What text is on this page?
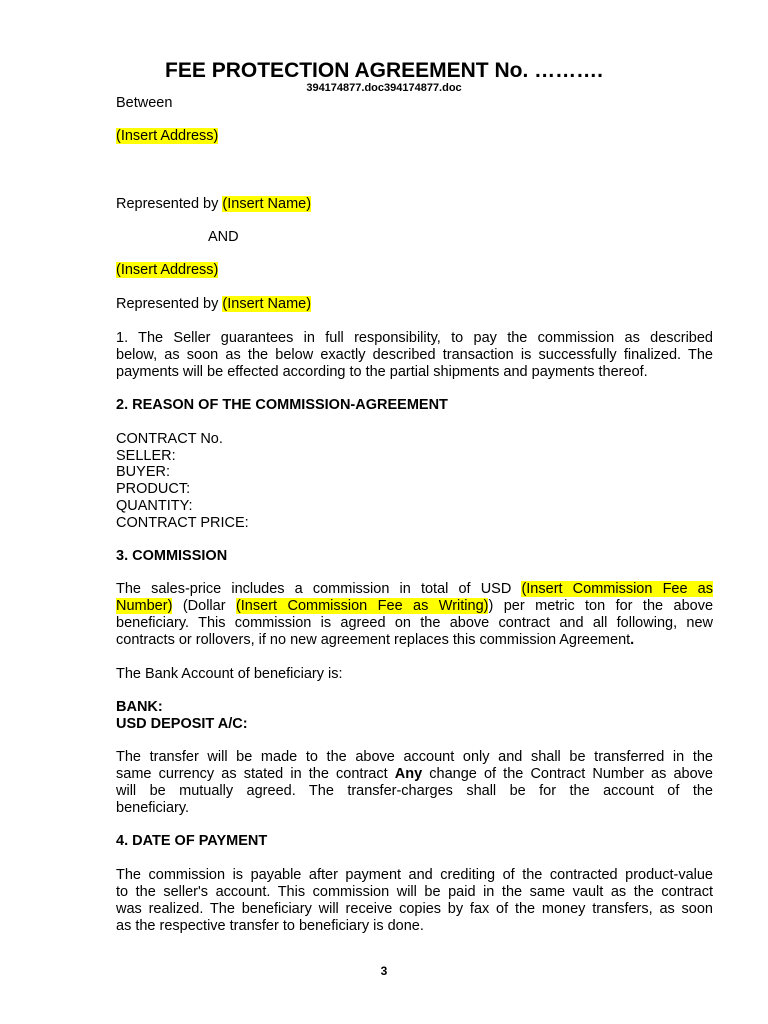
FEE PROTECTION AGREEMENT No. ……….
394174877.doc394174877.doc
Between
(Insert Address)
Represented by (Insert Name)
AND
(Insert Address)
Represented by (Insert Name)
1. The Seller guarantees in full responsibility, to pay the commission as described
below, as soon as the below exactly described transaction is successfully finalized. The
payments will be effected according to the partial shipments and payments thereof.
2. REASON OF THE COMMISSION-AGREEMENT
CONTRACT No.
SELLER:
BUYER:
PRODUCT:
QUANTITY:
CONTRACT PRICE:
3. COMMISSION
The sales-price includes a commission in total of USD (Insert Commission Fee as
Number) (Dollar (Insert Commission Fee as Writing)) per metric ton for the above
beneficiary. This commission is agreed on the above contract and all following, new
contracts or rollovers, if no new agreement replaces this commission Agreement.
The Bank Account of beneficiary is:
BANK:
USD DEPOSIT A/C:
The transfer will be made to the above account only and shall be transferred in the
same currency as stated in the contract Any change of the Contract Number as above
will be mutually agreed. The transfer-charges shall be for the account of the
beneficiary.
4. DATE OF PAYMENT
The commission is payable after payment and crediting of the contracted product-value
to the seller's account. This commission will be paid in the same vault as the contract
was realized. The beneficiary will receive copies by fax of the money transfers, as soon
as the respective transfer to beneficiary is done.
3
